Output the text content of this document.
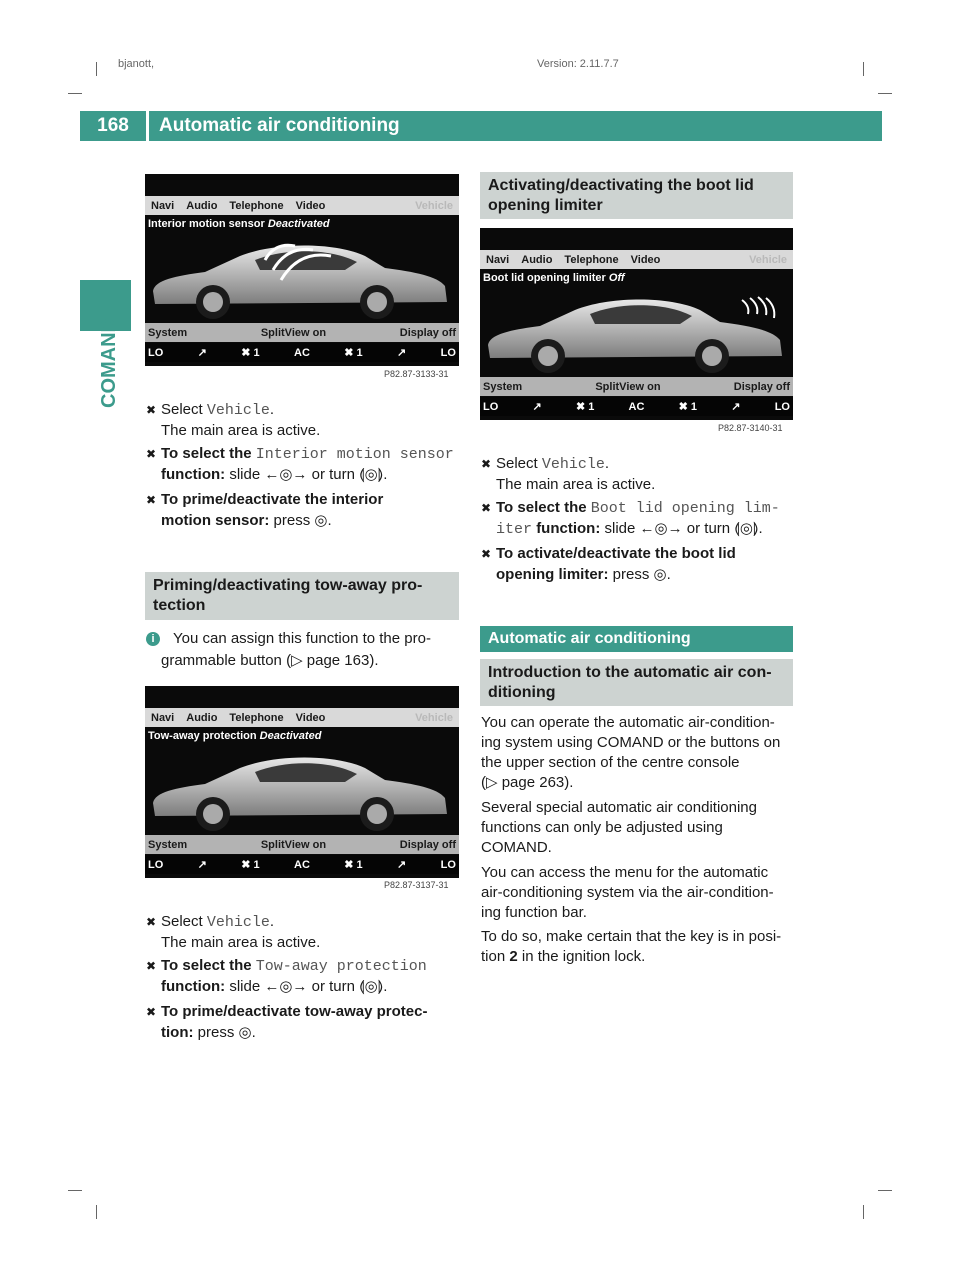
bjanott,	Version: 2.11.7.7
168	Automatic air conditioning
COMAND
Navi	Audio	Telephone	Video	Vehicle
Interior motion sensor Deactivated
System	SplitView on	Display off
LO	↗	✖ 1	AC	✖ 1	↗	LO
P82.87-3133-31
✖ Select Vehicle.
The main area is active.
✖ To select the Interior motion sensor
function: slide ←◎→ or turn ⟬◎⟭.
✖ To prime/deactivate the interior
motion sensor: press ◎.
Priming/deactivating tow-away pro-
tection
i	You can assign this function to the pro-
grammable button (▷ page 163).
Navi	Audio	Telephone	Video	Vehicle
Tow-away protection Deactivated
System	SplitView on	Display off
LO	↗	✖ 1	AC	✖ 1	↗	LO
P82.87-3137-31
✖ Select Vehicle.
The main area is active.
✖ To select the Tow-away protection
function: slide ←◎→ or turn ⟬◎⟭.
✖ To prime/deactivate tow-away protec-
tion: press ◎.
Activating/deactivating the boot lid
opening limiter
Navi	Audio	Telephone	Video	Vehicle
Boot lid opening limiter Off
System	SplitView on	Display off
LO	↗	✖ 1	AC	✖ 1	↗	LO
P82.87-3140-31
✖ Select Vehicle.
The main area is active.
✖ To select the Boot lid opening lim-
iter function: slide ←◎→ or turn ⟬◎⟭.
✖ To activate/deactivate the boot lid
opening limiter: press ◎.
Automatic air conditioning
Introduction to the automatic air con-
ditioning
You can operate the automatic air-condition-
ing system using COMAND or the buttons on
the upper section of the centre console
(▷ page 263).
Several special automatic air conditioning
functions can only be adjusted using
COMAND.
You can access the menu for the automatic
air-conditioning system via the air-condition-
ing function bar.
To do so, make certain that the key is in posi-
tion 2 in the ignition lock.
